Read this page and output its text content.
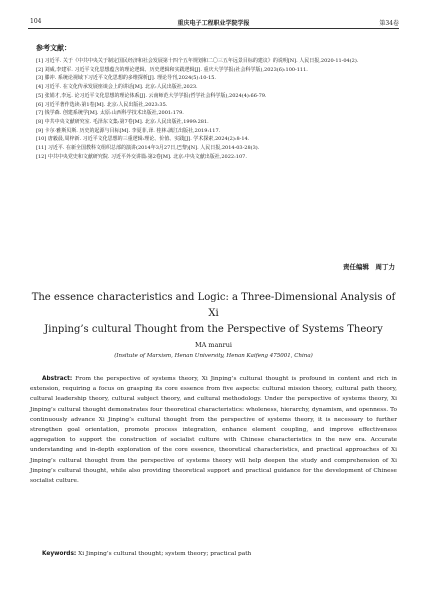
104	重庆电子工程职业学院学报	第34卷
参考文献：

[1] 习近平. 关于《中共中央关于制定国民经济和社会发展第十四个五年规划和二〇三五年远景目标的建议》的说明[N]. 人民日报,2020-11-04(2).

[2] 刘威,李建军. 习近平文化思想蕴含的理论逻辑、历史逻辑和实践逻辑[J]. 重庆大学学报(社会科学版),2023(6):100-111.

[3] 滕冲. 系统论视域下习近平文化思想的多维探析[J]. 理论导刊,2024(5):10-15.

[4] 习近平. 在文化传承发展座谈会上的讲话[M]. 北京:人民出版社,2023.

[5] 张娟才,李远. 论习近平文化思想的理论体系[J]. 云南师范大学学报(哲学社会科学版),2024(4):66-79.

[6] 习近平著作选读:第1卷[M]. 北京:人民出版社,2023:35.

[7] 钱学森. 创建系统学[M]. 太原:山西科学技术出版社,2001:179.

[8] 中共中央文献研究室. 毛泽东文集:第7卷[M]. 北京:人民出版社,1999:281.

[9] 卡尔·雅斯贝斯. 历史的起源与目标[M]. 李夏菲,译. 桂林:漓江出版社,2019:117.

[10] 唐毅晨,周梓新. 习近平文化思想的三重逻辑:理论、价值、实践[J]. 学术探索,2024(2):8-14.

[11] 习近平. 在新全国教科文组织总部的演讲(2014年3月27日,巴黎)[N]. 人民日报,2014-03-28(3).

[12] 中共中央党史和文献研究院. 习近平外交讲篇:第2卷[M]. 北京:中央文献出版社,2022:107.

责任编辑　周丁力
The essence characteristics and Logic: a Three-Dimensional Analysis of Xi
Jinping’s cultural Thought from the Perspective of Systems Theory
MA manrui
(Insitute of Marxism, Henan University, Henan Kaifeng 475001, China)
Abstract: From the perspective of systems theory, Xi Jinping’s cultural thought is profound in content and rich in extension, requiring a focus on grasping its core essence from five aspects: cultural mission theory, cultural path theory, cultural leadership theory, cultural subject theory, and cultural methodology. Under the perspective of systems theory, Xi Jinping’s cultural thought demonstrates four theoretical characteristics: wholeness, hierarchy, dynamism, and openness. To continuously advance Xi Jinping’s cultural thought from the perspective of systems theory, it is necessary to further strengthen goal orientation, promote process integration, enhance element coupling, and improve effectiveness aggregation to support the construction of socialist culture with Chinese characteristics in the new era. Accurate understanding and in-depth exploration of the core essence, theoretical characteristics, and practical approaches of Xi Jinping’s cultural thought from the perspective of systems theory will help deepen the study and comprehension of Xi Jinping’s cultural thought, while also providing theoretical support and practical guidance for the development of Chinese socialist culture.
Keywords: Xi Jinping’s cultural thought; system theory; practical path
